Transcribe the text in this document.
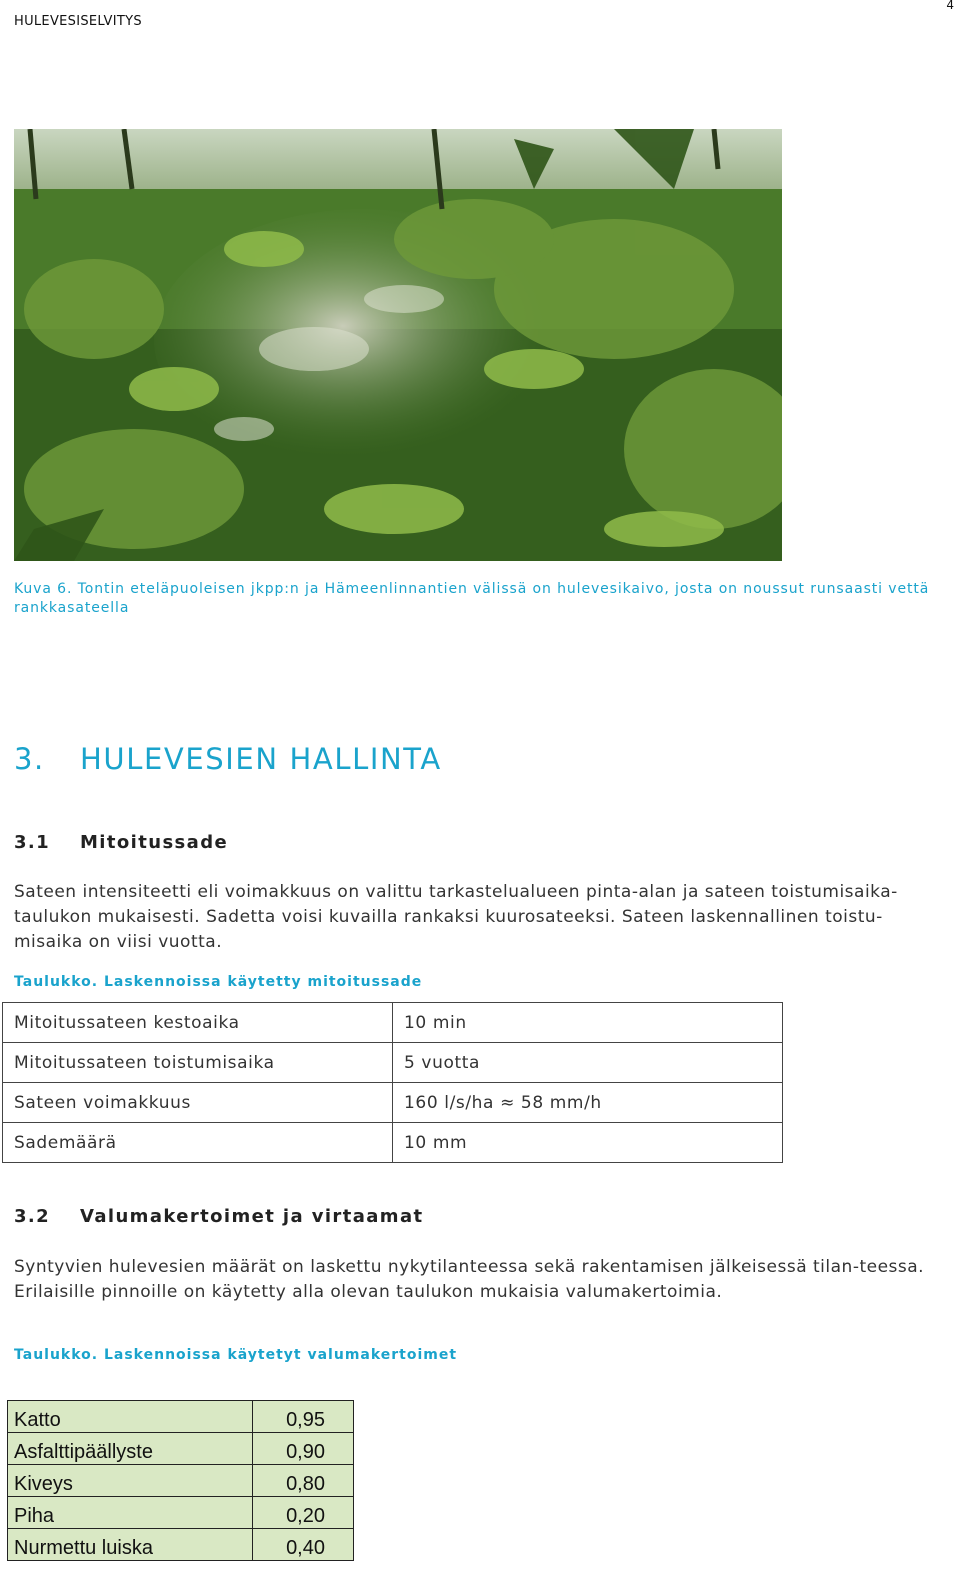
HULEVESISELVITYS
4
Kuva 6. Tontin eteläpuoleisen jkpp:n ja Hämeenlinnantien välissä on hulevesikaivo, josta on noussut runsaasti vettä rankkasateella
3. HULEVESIEN HALLINTA
3.1 Mitoitussade
Sateen intensiteetti eli voimakkuus on valittu tarkastelualueen pinta-alan ja sateen toistumisaika-taulukon mukaisesti. Sadetta voisi kuvailla rankaksi kuurosateeksi. Sateen laskennallinen toistu-misaika on viisi vuotta.
Taulukko. Laskennoissa käytetty mitoitussade
Mitoitussateen kestoaika	10 min
Mitoitussateen toistumisaika	5 vuotta
Sateen voimakkuus	160 l/s/ha ≈ 58 mm/h
Sademäärä	10 mm
3.2 Valumakertoimet ja virtaamat
Syntyvien hulevesien määrät on laskettu nykytilanteessa sekä rakentamisen jälkeisessä tilan-teessa. Erilaisille pinnoille on käytetty alla olevan taulukon mukaisia valumakertoimia.
Taulukko. Laskennoissa käytetyt valumakertoimet
Katto	0,95
Asfalttipäällyste	0,90
Kiveys	0,80
Piha	0,20
Nurmettu luiska	0,40
